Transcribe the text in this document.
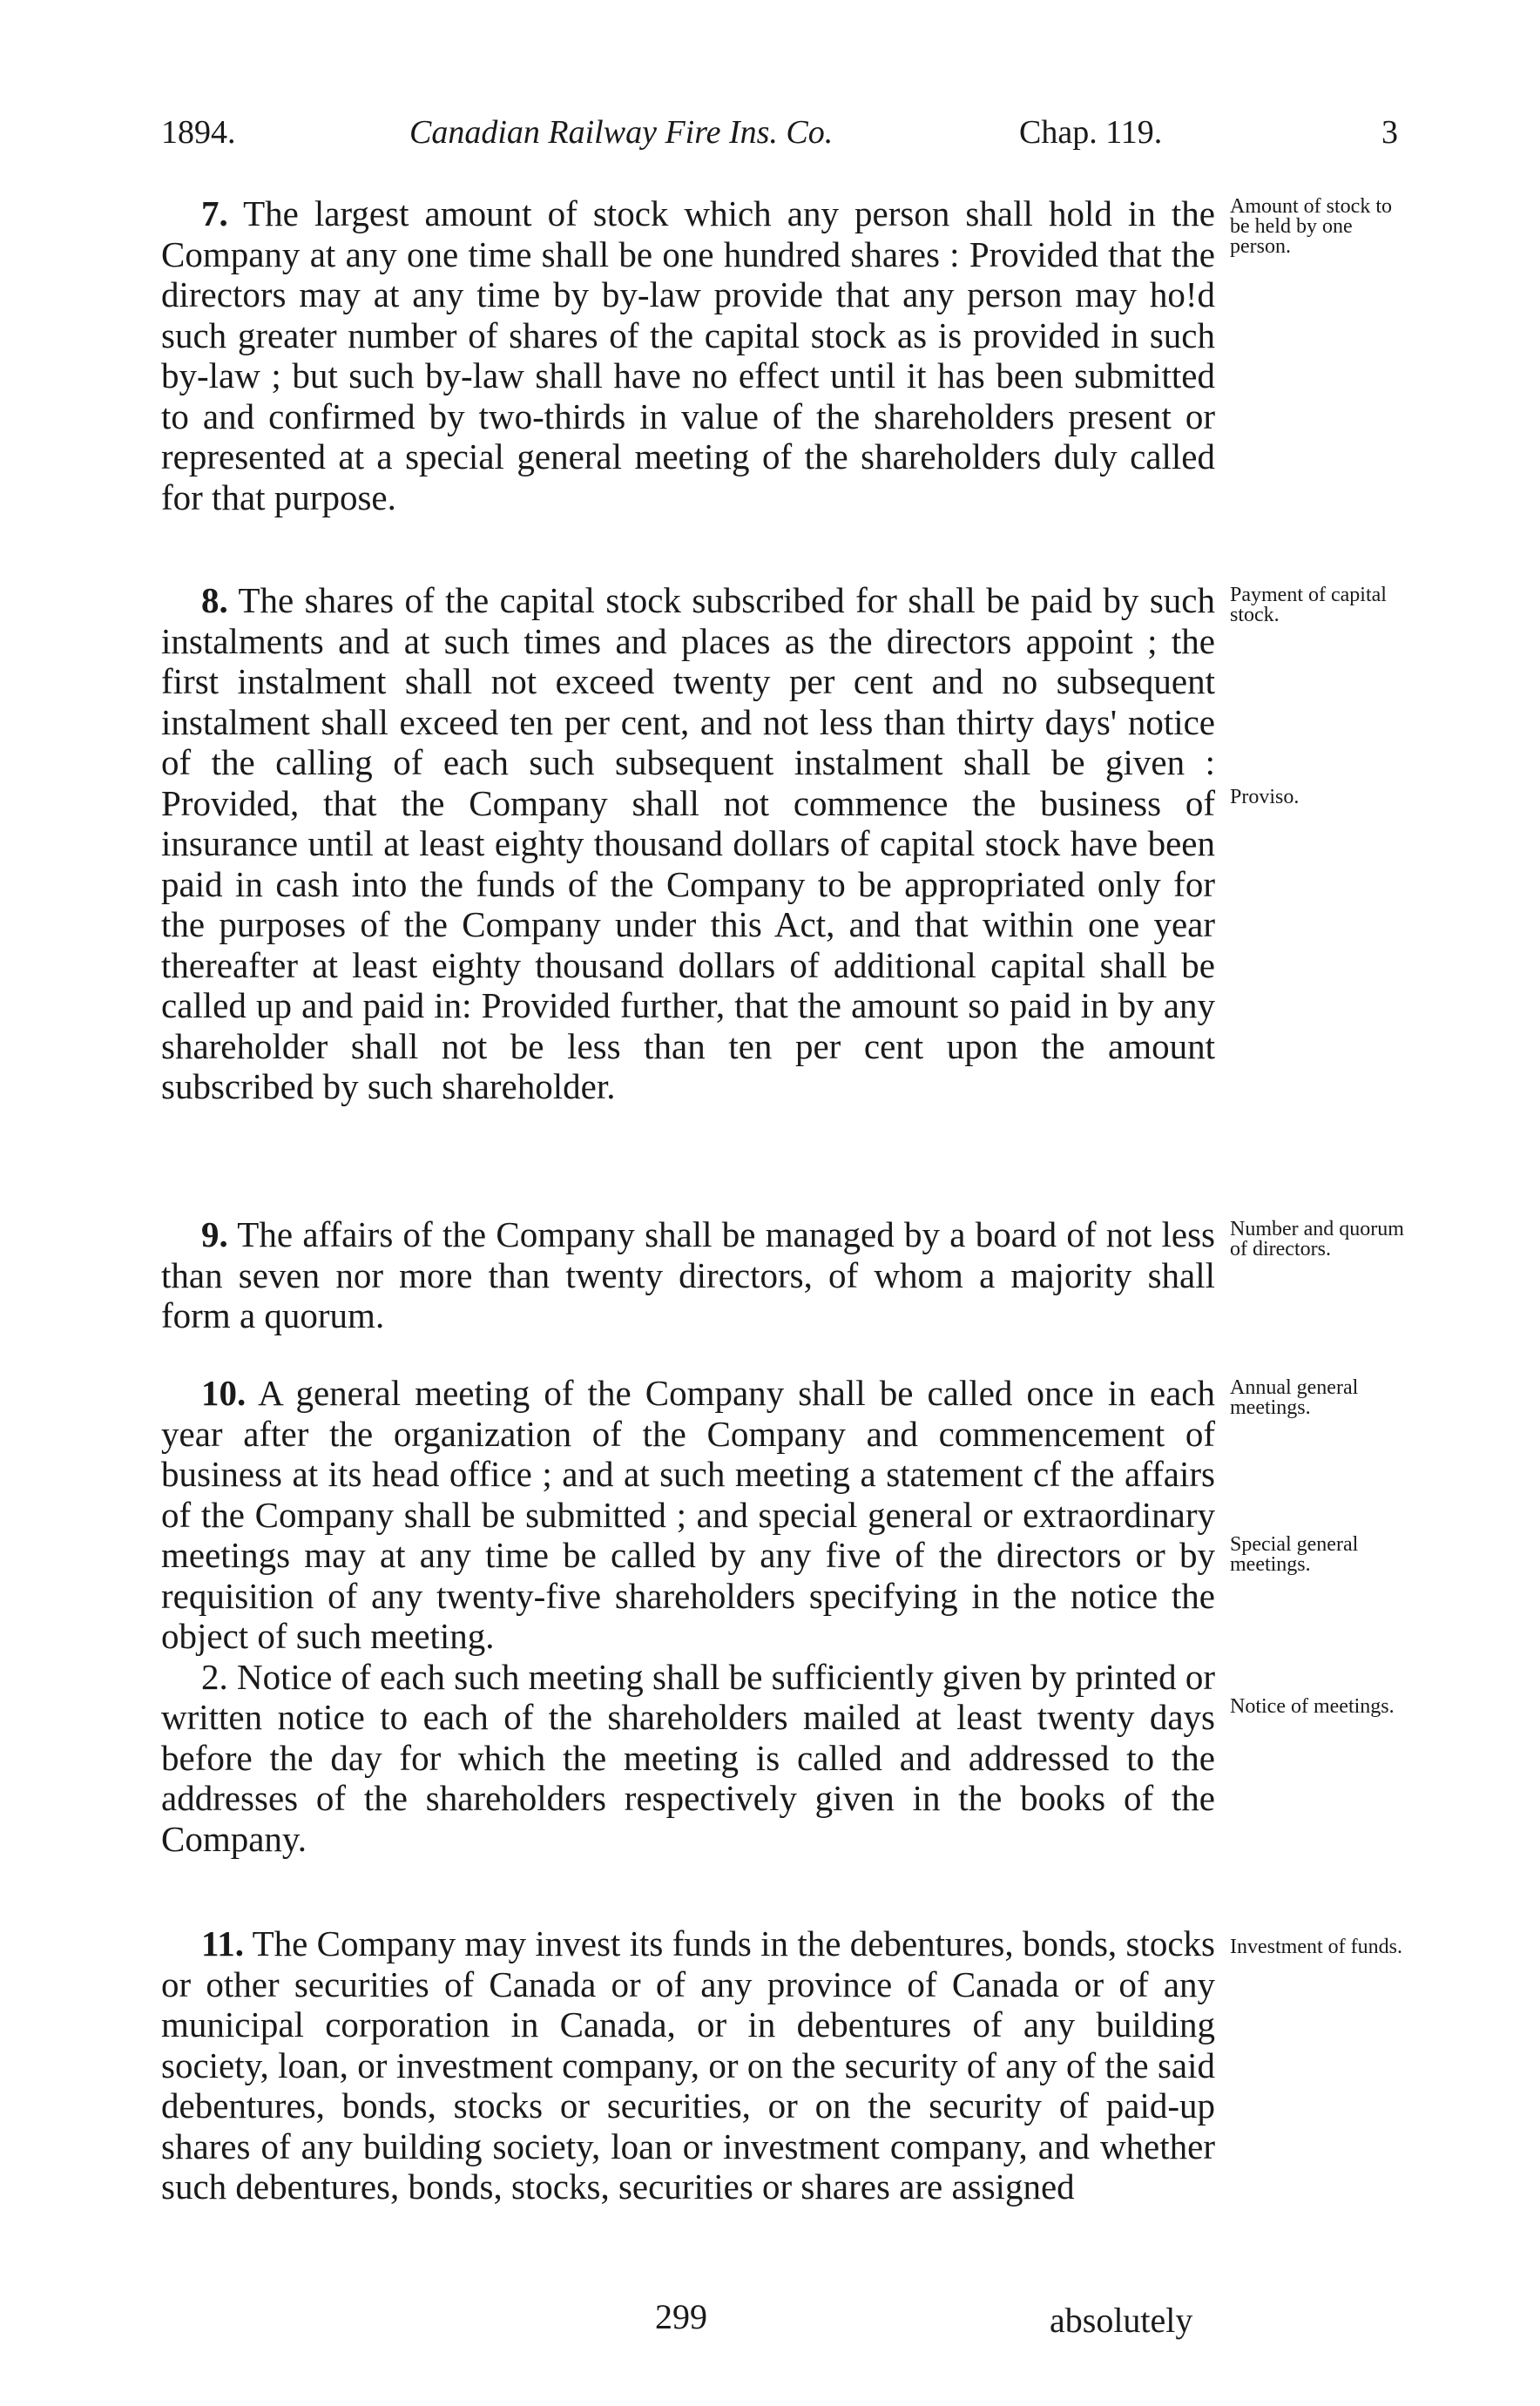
1894.	Canadian Railway Fire Ins. Co.	Chap. 119.	3

7. The largest amount of stock which any person shall hold in the Company at any one time shall be one hundred shares : Provided that the directors may at any time by by-law provide that any person may ho!d such greater number of shares of the capital stock as is provided in such by-law ; but such by-law shall have no effect until it has been submitted to and confirmed by two-thirds in value of the shareholders present or represented at a special general meeting of the shareholders duly called for that purpose.

8. The shares of the capital stock subscribed for shall be paid by such instalments and at such times and places as the directors appoint ; the first instalment shall not exceed twenty per cent and no subsequent instalment shall exceed ten per cent, and not less than thirty days' notice of the calling of each such subsequent instalment shall be given : Provided, that the Company shall not commence the business of insurance until at least eighty thousand dollars of capital stock have been paid in cash into the funds of the Company to be appropriated only for the purposes of the Company under this Act, and that within one year thereafter at least eighty thousand dollars of additional capital shall be called up and paid in: Provided further, that the amount so paid in by any shareholder shall not be less than ten per cent upon the amount subscribed by such shareholder.

9. The affairs of the Company shall be managed by a board of not less than seven nor more than twenty directors, of whom a majority shall form a quorum.

10. A general meeting of the Company shall be called once in each year after the organization of the Company and commencement of business at its head office ; and at such meeting a statement cf the affairs of the Company shall be submitted ; and special general or extraordinary meetings may at any time be called by any five of the directors or by requisition of any twenty-five shareholders specifying in the notice the object of such meeting.

2. Notice of each such meeting shall be sufficiently given by printed or written notice to each of the shareholders mailed at least twenty days before the day for which the meeting is called and addressed to the addresses of the shareholders respectively given in the books of the Company.

11. The Company may invest its funds in the debentures, bonds, stocks or other securities of Canada or of any province of Canada or of any municipal corporation in Canada, or in debentures of any building society, loan, or investment company, or on the security of any of the said debentures, bonds, stocks or securities, or on the security of paid-up shares of any building society, loan or investment company, and whether such debentures, bonds, stocks, securities or shares are assigned

Amount of stock to be held by one person.
Payment of capital stock.
Proviso.
Number and quorum of directors.
Annual general meetings.
Special general meetings.
Notice of meetings.
Investment of funds.
299	absolutely
